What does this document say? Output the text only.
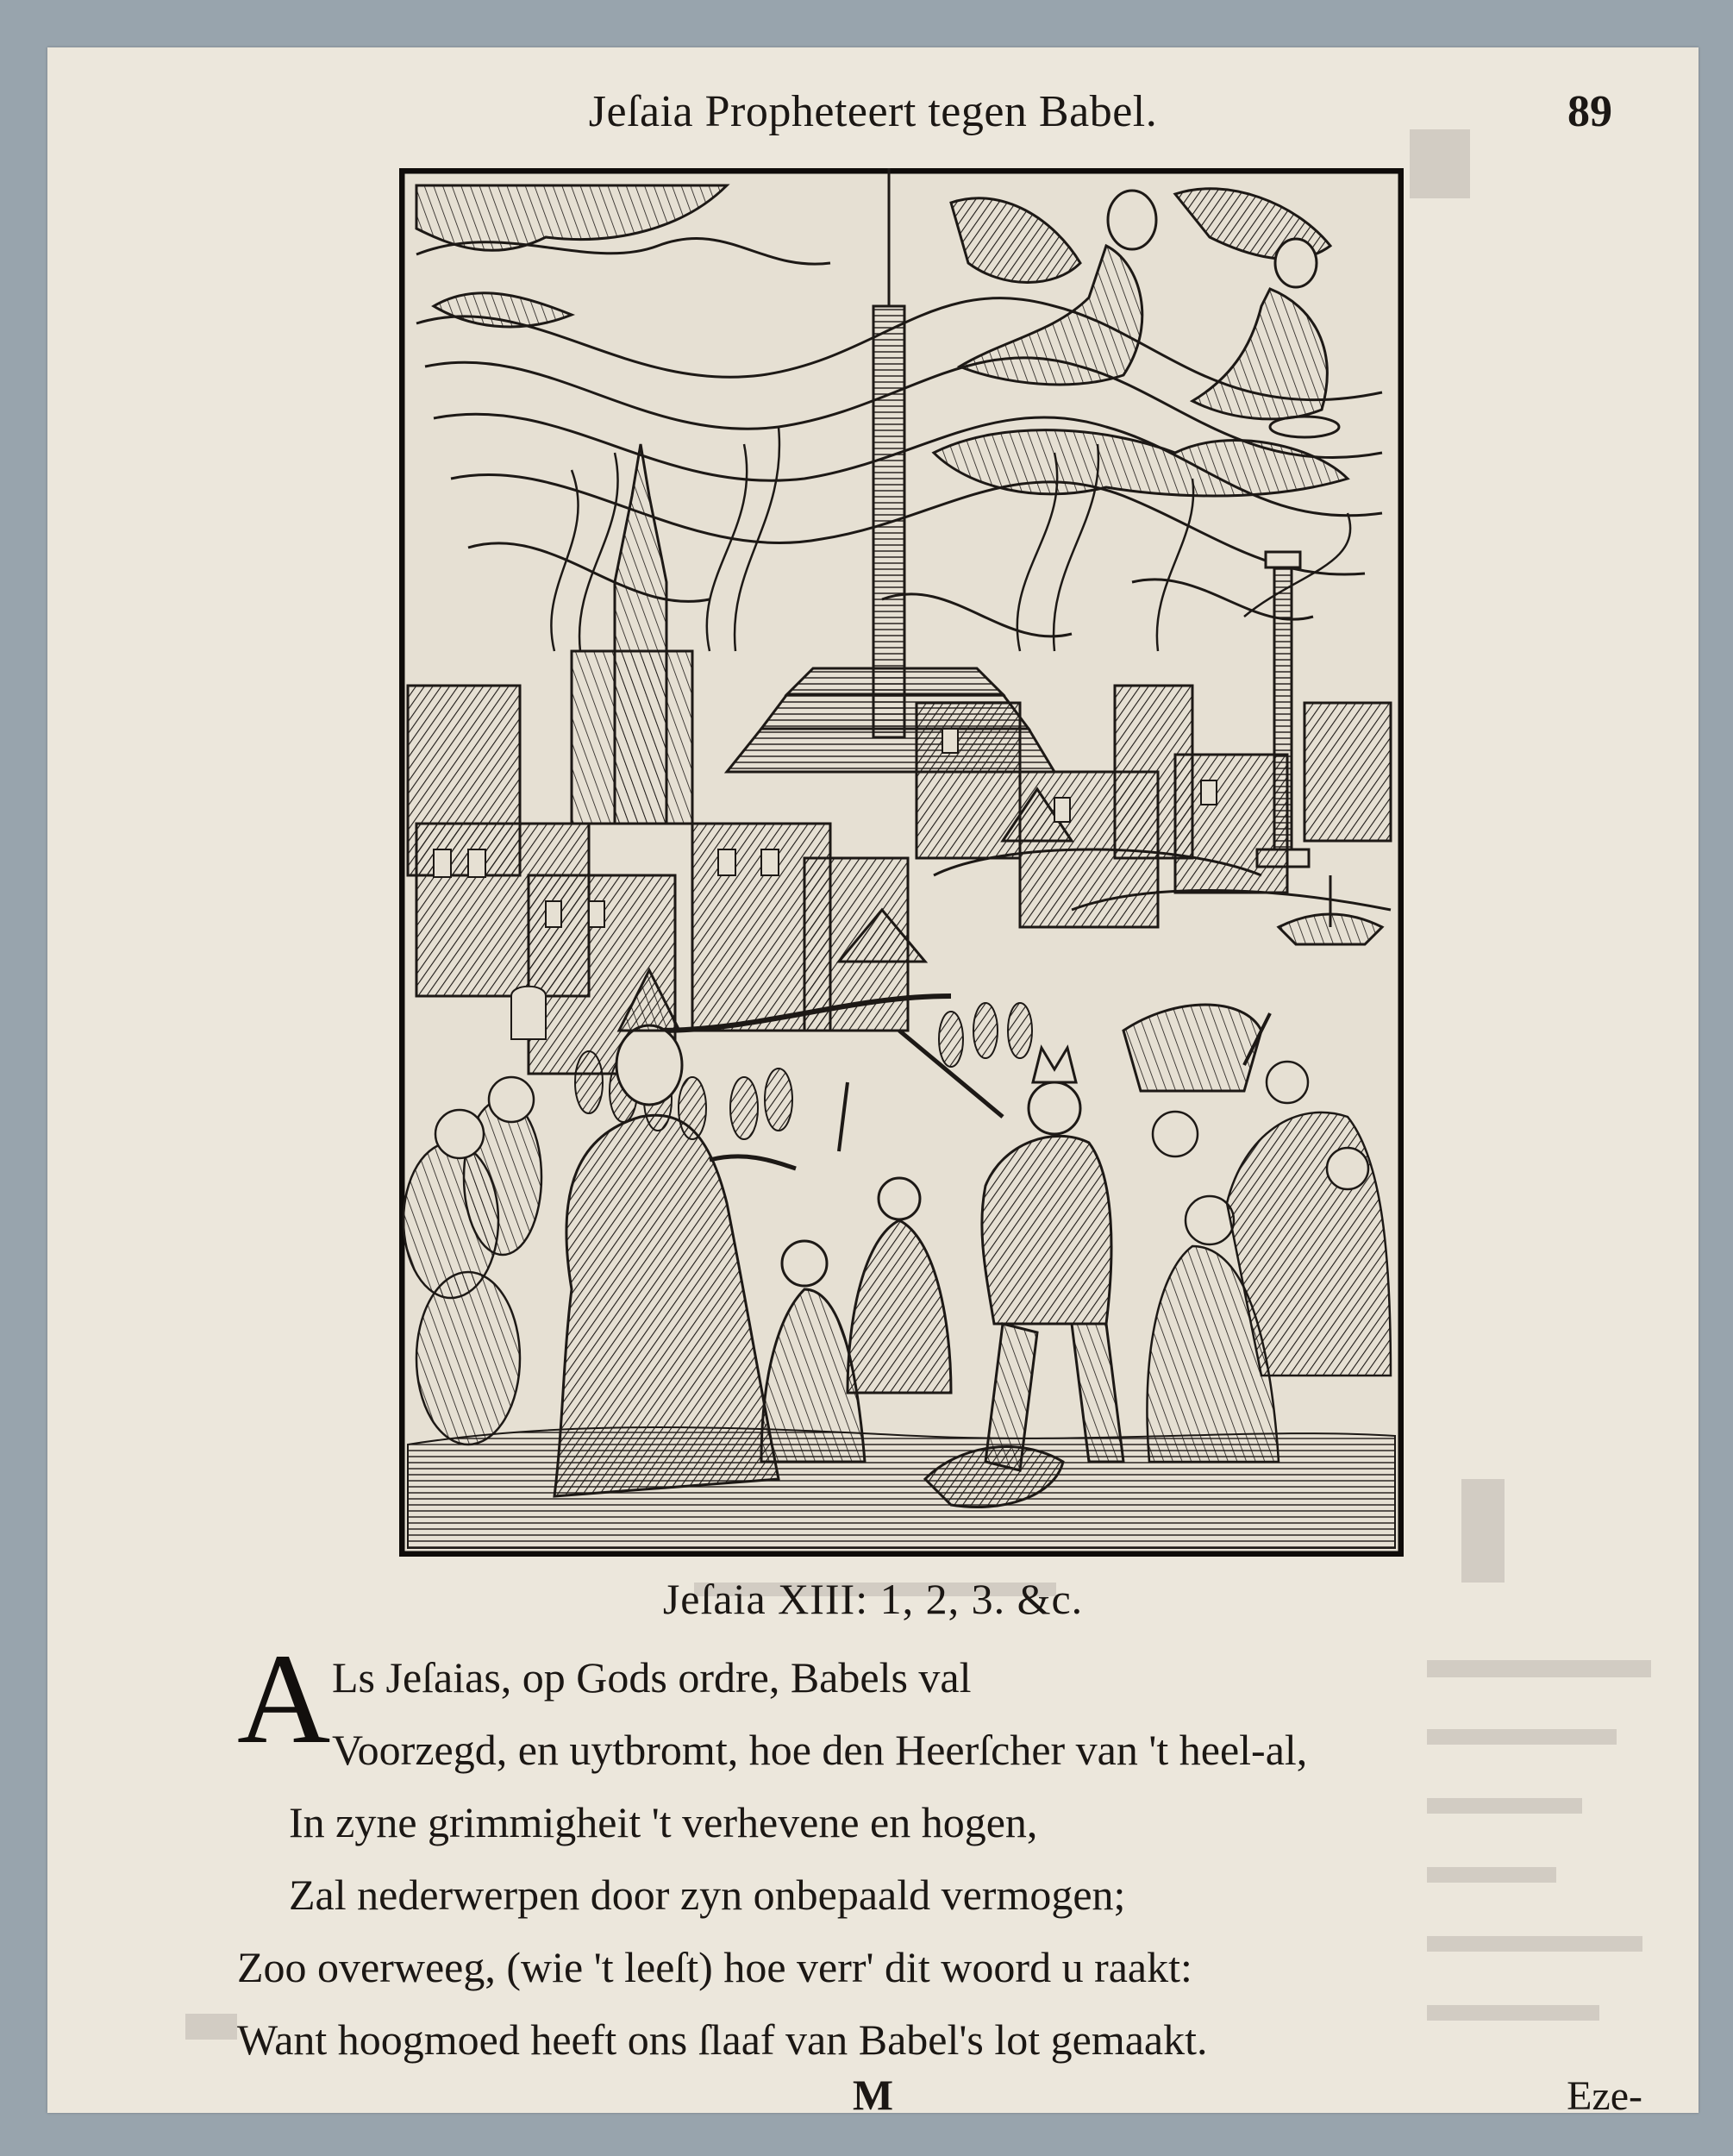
Jeſaia Propheteert tegen Babel.	89
Jeſaia XIII: 1, 2, 3. &c.
A Ls Jeſaias, op Gods ordre, Babels val
Voorzegd, en uytbromt, hoe den Heerſcher van 't heel-al,
In zyne grimmigheit 't verhevene en hogen,
Zal nederwerpen door zyn onbepaald vermogen;
Zoo overweeg, (wie 't leeſt) hoe verr' dit woord u raakt:
Want hoogmoed heeft ons ſlaaf van Babel's lot gemaakt.
M	Eze-
